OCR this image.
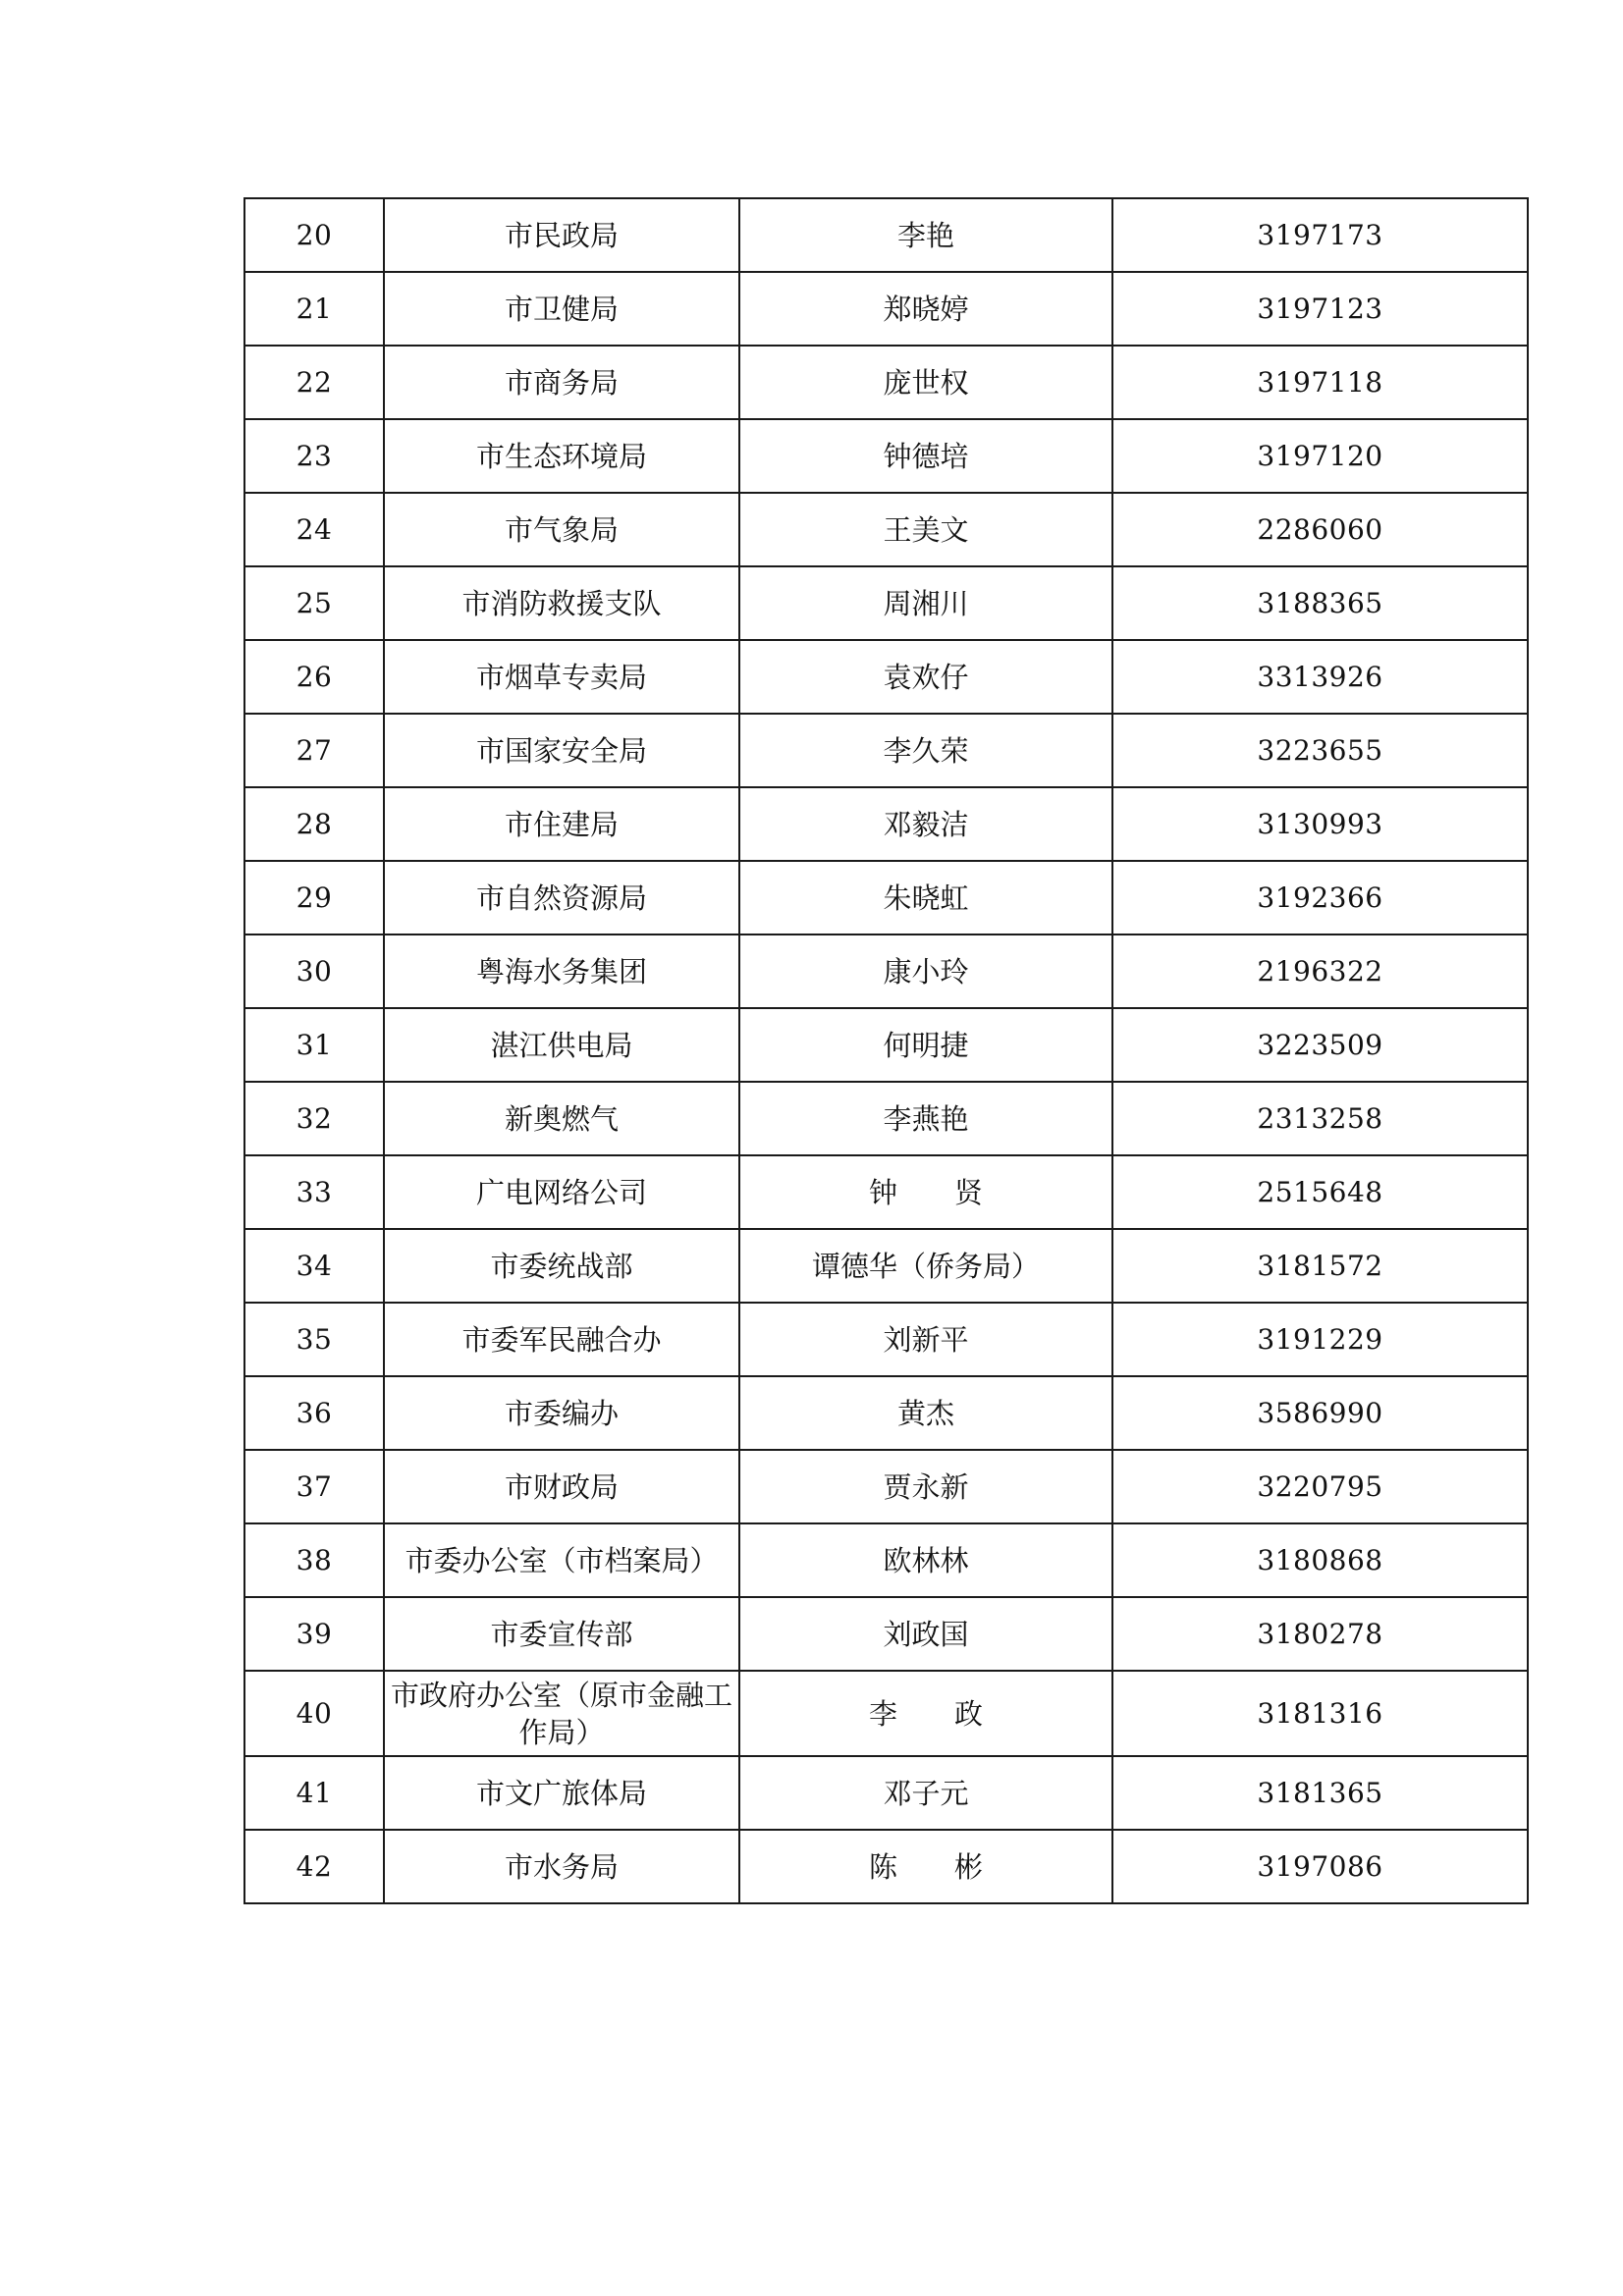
20	市民政局	李艳	3197173
21	市卫健局	郑晓婷	3197123
22	市商务局	庞世权	3197118
23	市生态环境局	钟德培	3197120
24	市气象局	王美文	2286060
25	市消防救援支队	周湘川	3188365
26	市烟草专卖局	袁欢仔	3313926
27	市国家安全局	李久荣	3223655
28	市住建局	邓毅洁	3130993
29	市自然资源局	朱晓虹	3192366
30	粤海水务集团	康小玲	2196322
31	湛江供电局	何明捷	3223509
32	新奥燃气	李燕艳	2313258
33	广电网络公司	钟　　贤	2515648
34	市委统战部	谭德华（侨务局）	3181572
35	市委军民融合办	刘新平	3191229
36	市委编办	黄杰	3586990
37	市财政局	贾永新	3220795
38	市委办公室（市档案局）	欧林林	3180868
39	市委宣传部	刘政国	3180278
40	市政府办公室（原市金融工作局）	李　　政	3181316
41	市文广旅体局	邓子元	3181365
42	市水务局	陈　　彬	3197086
